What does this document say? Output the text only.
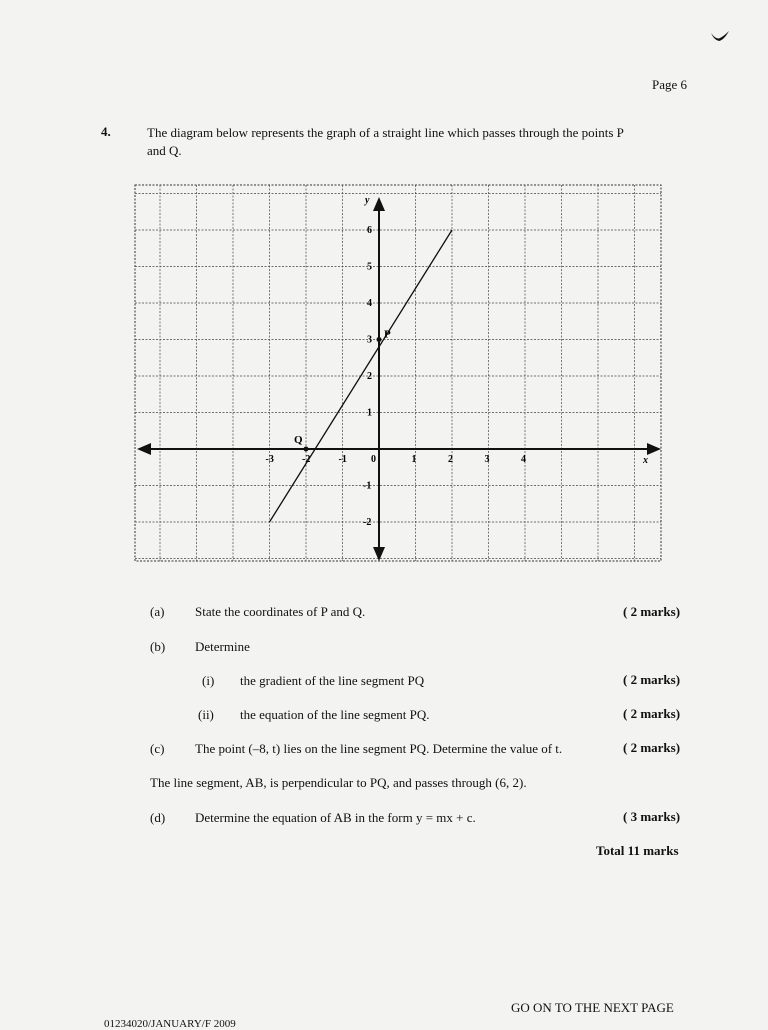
Page 6
4.	The diagram below represents the graph of a straight line which passes through the points P
and Q.
x
y
-3	-2	-1 0	1	2	3	4
6
5
4
3
2
1
-1
-2
P
Q
(a) State the coordinates of P and Q.	( 2 marks)
(b) Determine
(i) the gradient of the line segment PQ	( 2 marks)
(ii) the equation of the line segment PQ.	( 2 marks)
(c) The point (–8, t) lies on the line segment PQ. Determine the value of t.	( 2 marks)
The line segment, AB, is perpendicular to PQ, and passes through (6, 2).
(d) Determine the equation of AB in the form y = mx + c.	( 3 marks)
Total 11 marks
GO ON TO THE NEXT PAGE
01234020/JANUARY/F 2009
